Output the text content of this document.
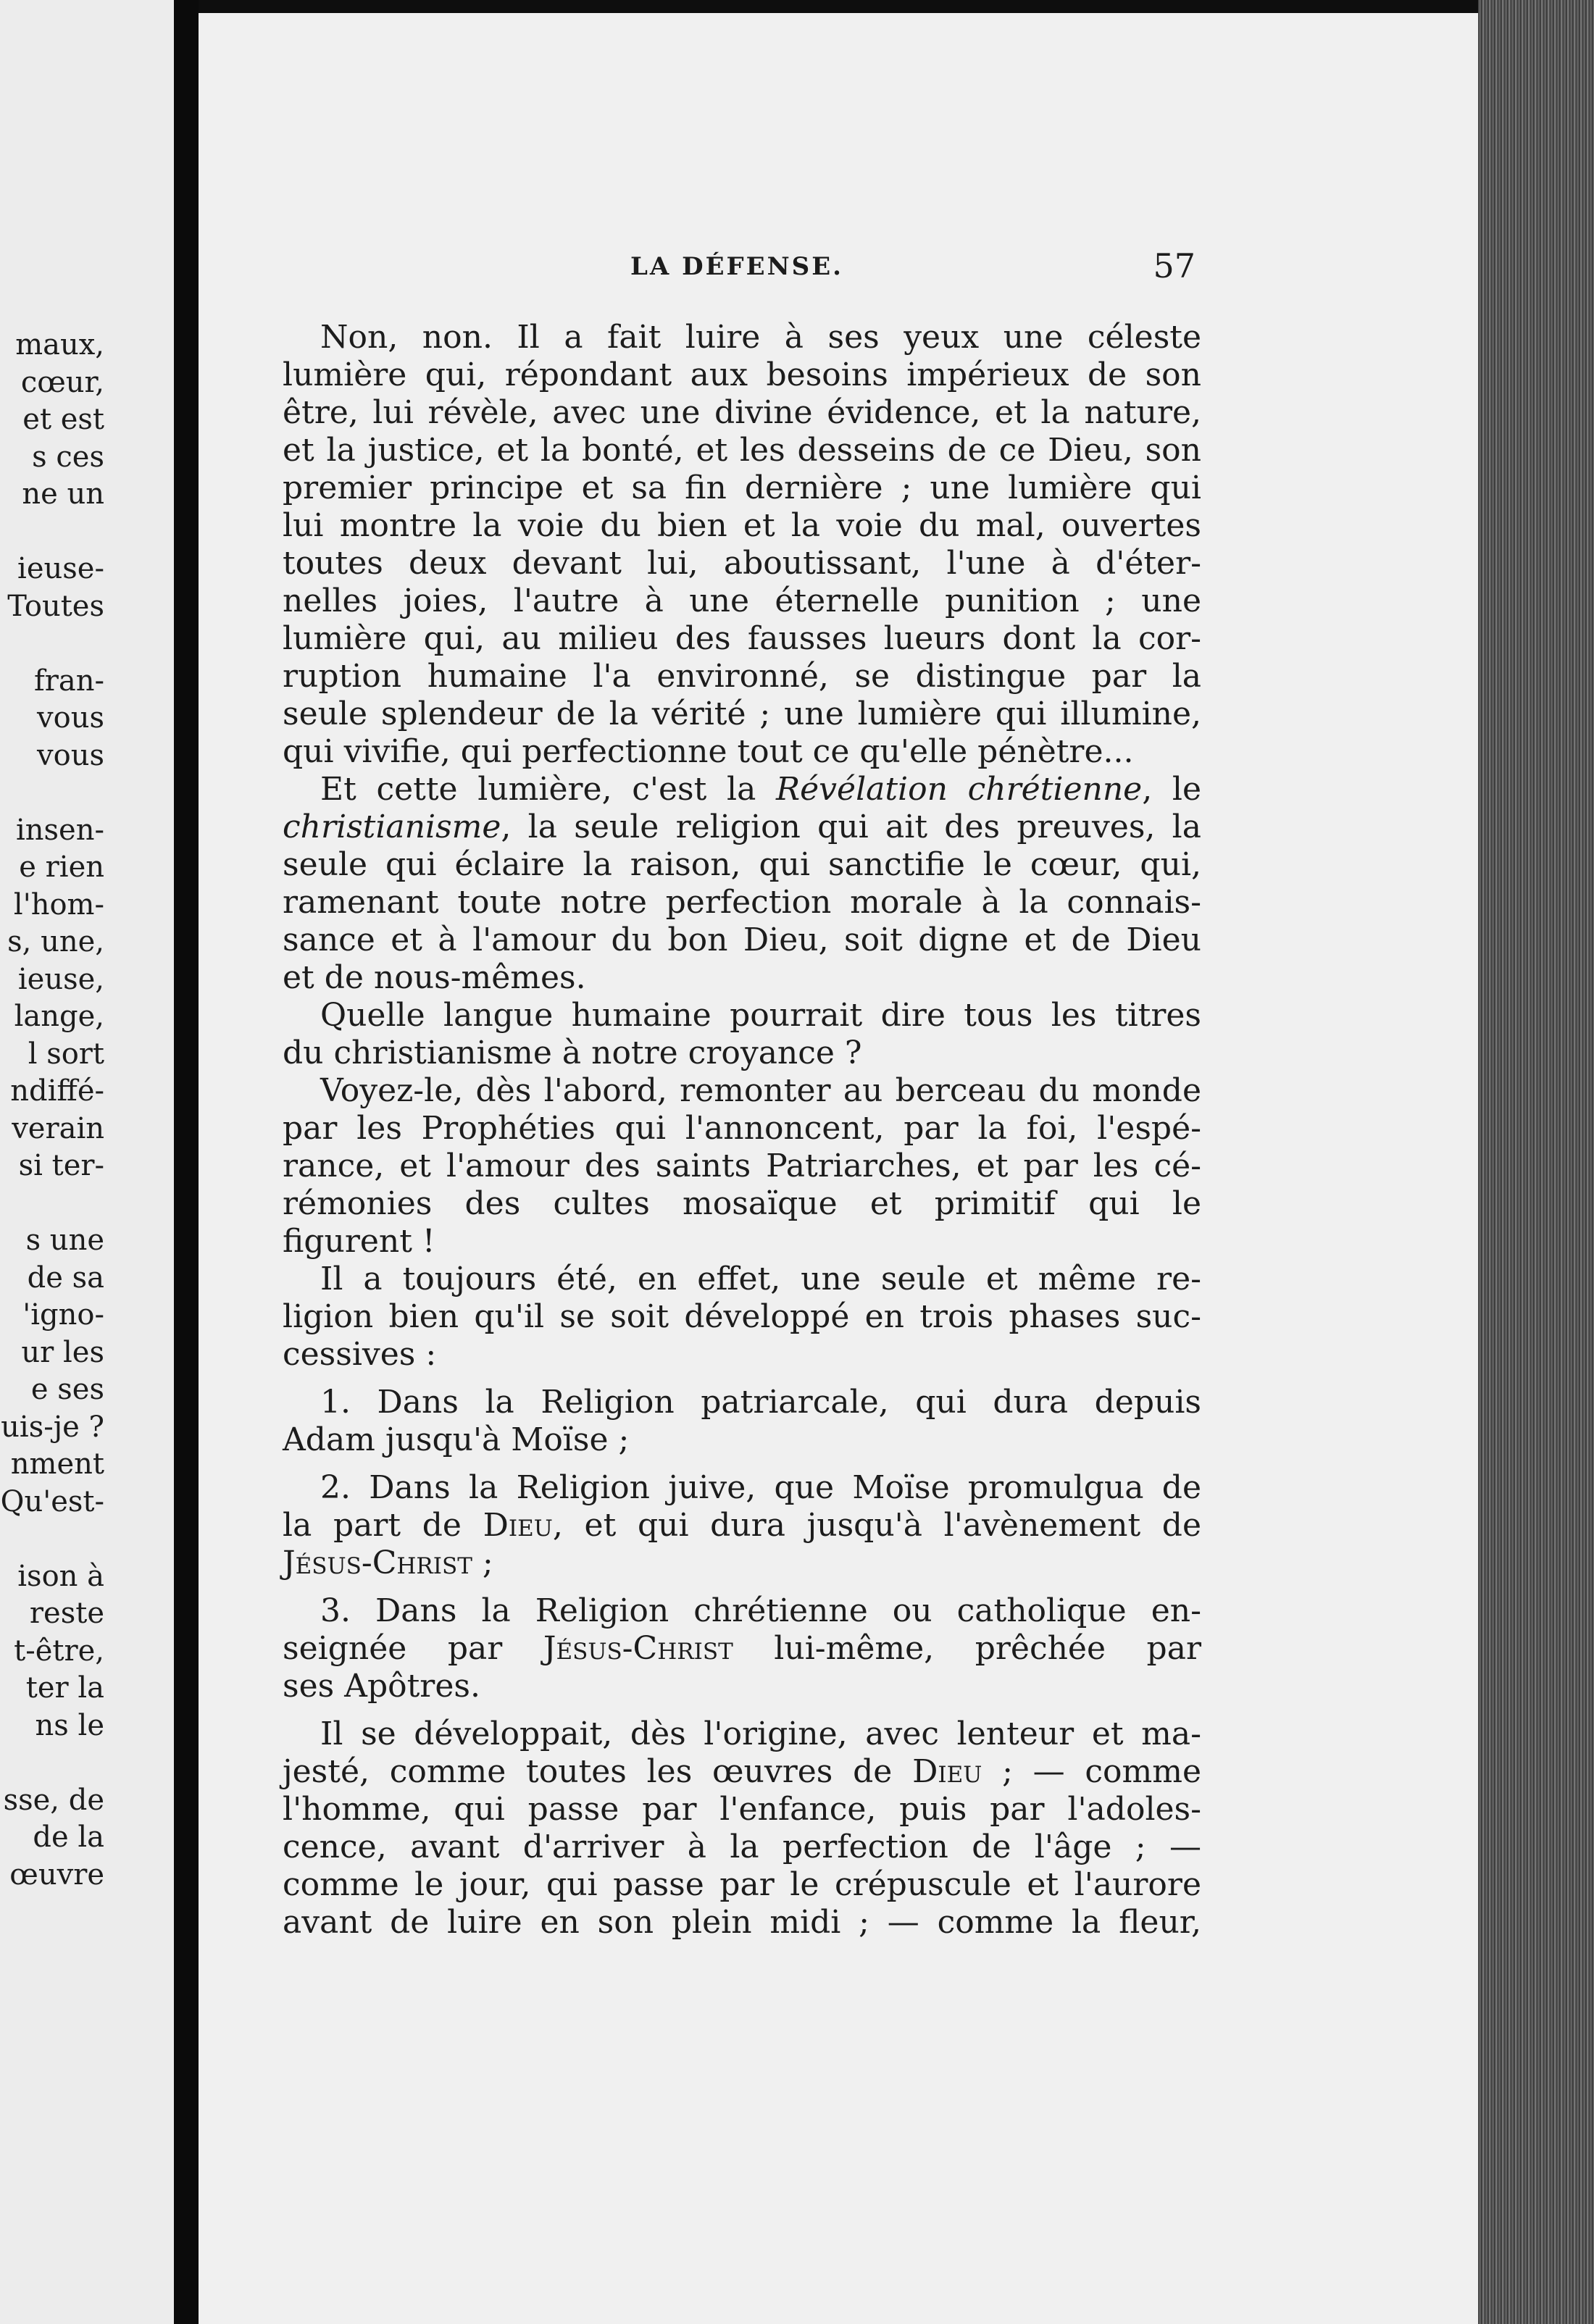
maux,
cœur,
et est
s ces
ne un
ieuse-
Toutes
fran-
vous
vous
insen-
e rien
l'hom-
s, une,
ieuse,
lange,
l sort
ndiffé-
verain
si ter-
s une
de sa
'igno-
ur les
e ses
uis-je ?
nment
Qu'est-
ison à
reste
t-être,
ter la
ns le
sse, de
de la
œuvre
LA DÉFENSE.	57
Non, non. Il a fait luire à ses yeux une céleste
lumière qui, répondant aux besoins impérieux de son
être, lui révèle, avec une divine évidence, et la nature,
et la justice, et la bonté, et les desseins de ce Dieu, son
premier principe et sa fin dernière ; une lumière qui
lui montre la voie du bien et la voie du mal, ouvertes
toutes deux devant lui, aboutissant, l'une à d'éter-
nelles joies, l'autre à une éternelle punition ; une
lumière qui, au milieu des fausses lueurs dont la cor-
ruption humaine l'a environné, se distingue par la
seule splendeur de la vérité ; une lumière qui illumine,
qui vivifie, qui perfectionne tout ce qu'elle pénètre...
Et cette lumière, c'est la Révélation chrétienne, le
christianisme, la seule religion qui ait des preuves, la
seule qui éclaire la raison, qui sanctifie le cœur, qui,
ramenant toute notre perfection morale à la connais-
sance et à l'amour du bon Dieu, soit digne et de Dieu
et de nous-mêmes.
Quelle langue humaine pourrait dire tous les titres
du christianisme à notre croyance ?
Voyez-le, dès l'abord, remonter au berceau du monde
par les Prophéties qui l'annoncent, par la foi, l'espé-
rance, et l'amour des saints Patriarches, et par les cé-
rémonies des cultes mosaïque et primitif qui le
figurent !
Il a toujours été, en effet, une seule et même re-
ligion bien qu'il se soit développé en trois phases suc-
cessives :
1. Dans la Religion patriarcale, qui dura depuis
Adam jusqu'à Moïse ;
2. Dans la Religion juive, que Moïse promulgua de
la part de Dieu, et qui dura jusqu'à l'avènement de
Jésus-Christ ;
3. Dans la Religion chrétienne ou catholique en-
seignée par Jésus-Christ lui-même, prêchée par
ses Apôtres.
Il se développait, dès l'origine, avec lenteur et ma-
jesté, comme toutes les œuvres de Dieu ; — comme
l'homme, qui passe par l'enfance, puis par l'adoles-
cence, avant d'arriver à la perfection de l'âge ; —
comme le jour, qui passe par le crépuscule et l'aurore
avant de luire en son plein midi ; — comme la fleur,
